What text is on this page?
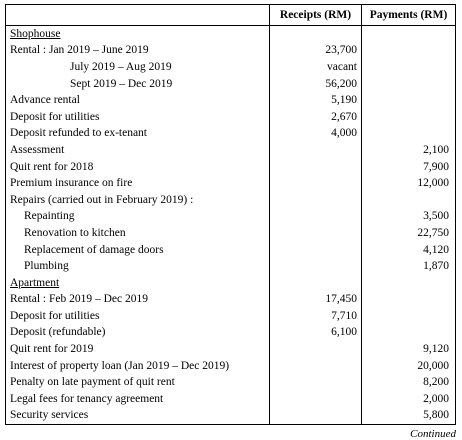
	Receipts (RM)	Payments (RM)
Shophouse		
Rental : Jan 2019 – June 2019	23,700	
July 2019 – Aug 2019	vacant	
Sept 2019 – Dec 2019	56,200	
Advance rental	5,190	
Deposit for utilities	2,670	
Deposit refunded to ex-tenant	4,000	
Assessment		2,100
Quit rent for 2018		7,900
Premium insurance on fire		12,000
Repairs (carried out in February 2019) :		
Repainting		3,500
Renovation to kitchen		22,750
Replacement of damage doors		4,120
Plumbing		1,870
Apartment		
Rental : Feb 2019 – Dec 2019	17,450	
Deposit for utilities	7,710	
Deposit (refundable)	6,100	
Quit rent for 2019		9,120
Interest of property loan (Jan 2019 – Dec 2019)		20,000
Penalty on late payment of quit rent		8,200
Legal fees for tenancy agreement		2,000
Security services		5,800
Continued
